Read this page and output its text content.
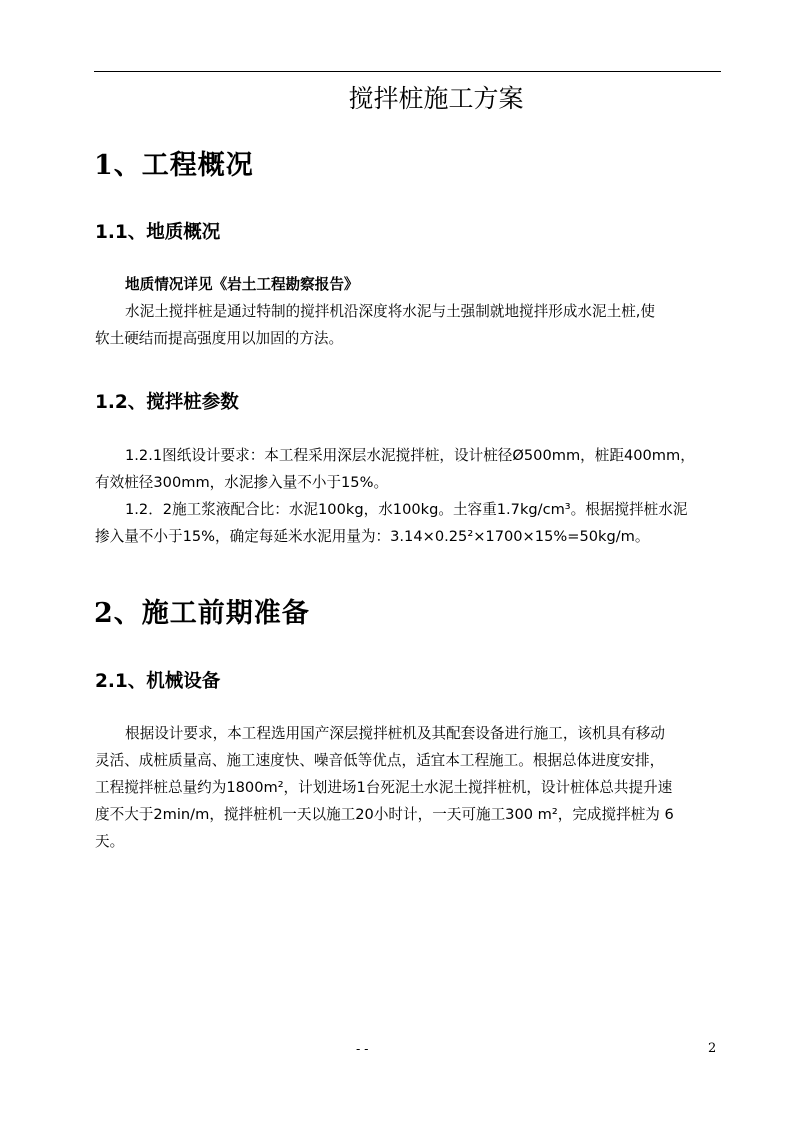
搅拌桩施工方案
1、工程概况
1.1、地质概况
地质情况详见《岩土工程勘察报告》
水泥土搅拌桩是通过特制的搅拌机沿深度将水泥与土强制就地搅拌形成水泥土桩,使
软土硬结而提高强度用以加固的方法。
1.2、搅拌桩参数
1.2.1图纸设计要求：本工程采用深层水泥搅拌桩，设计桩径Ø500mm，桩距400mm，
有效桩径300mm，水泥掺入量不小于15%。
1.2．2施工浆液配合比：水泥100kg，水100kg。土容重1.7kg/cm³。根据搅拌桩水泥
掺入量不小于15%，确定每延米水泥用量为：3.14×0.25²×1700×15%=50kg/m。
2、施工前期准备
2.1、机械设备
根据设计要求，本工程选用国产深层搅拌桩机及其配套设备进行施工，该机具有移动
灵活、成桩质量高、施工速度快、噪音低等优点，适宜本工程施工。根据总体进度安排，
工程搅拌桩总量约为1800m²，计划进场1台死泥土水泥土搅拌桩机，设计桩体总共提升速
度不大于2min/m，搅拌桩机一天以施工20小时计，一天可施工300 m²，完成搅拌桩为 6
天。
- -	2
